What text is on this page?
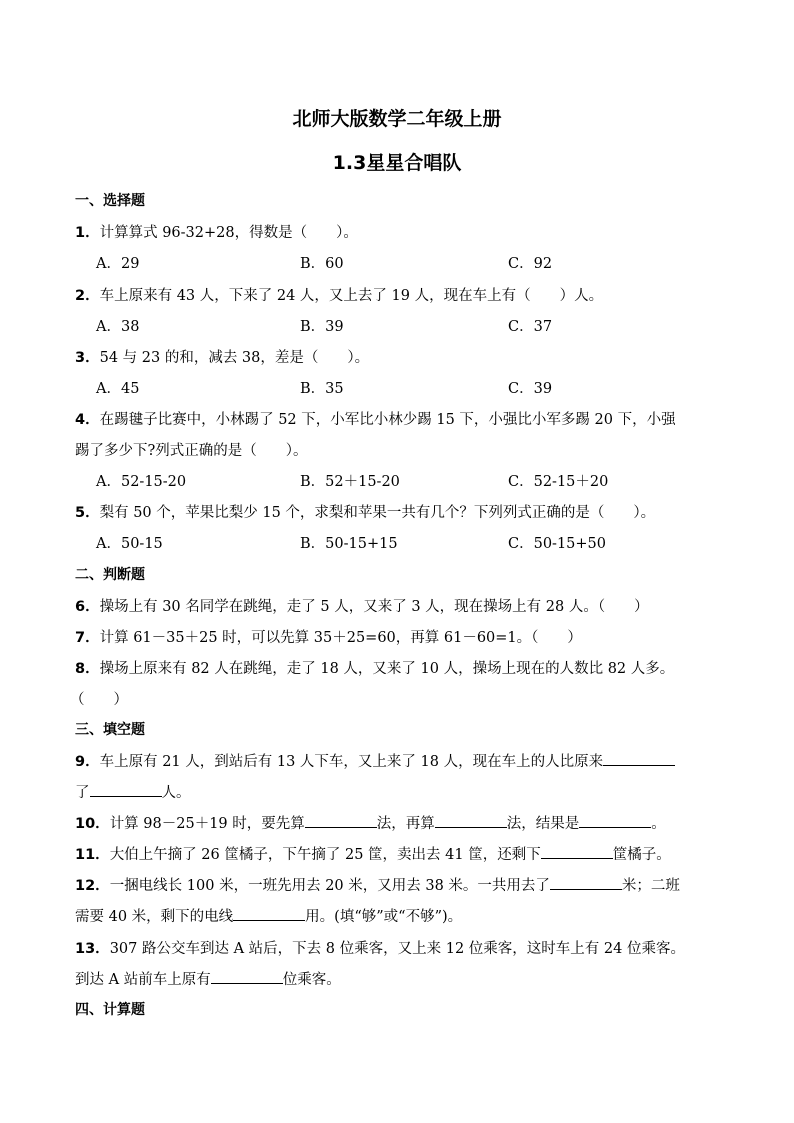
北师大版数学二年级上册
1.3星星合唱队
一、选择题
1．计算算式 96-32+28，得数是（　　）。
A．29	B．60	C．92
2．车上原来有 43 人，下来了 24 人，又上去了 19 人，现在车上有（　　）人。
A．38	B．39	C．37
3．54 与 23 的和，减去 38，差是（　　）。
A．45	B．35	C．39
4．在踢毽子比赛中，小林踢了 52 下，小军比小林少踢 15 下，小强比小军多踢 20 下，小强
踢了多少下?列式正确的是（　　）。
A．52-15-20	B．52＋15-20	C．52-15＋20
5．梨有 50 个，苹果比梨少 15 个，求梨和苹果一共有几个？下列列式正确的是（　　）。
A．50-15	B．50-15+15	C．50-15+50
二、判断题
6．操场上有 30 名同学在跳绳，走了 5 人，又来了 3 人，现在操场上有 28 人。（　　）
7．计算 61－35＋25 时，可以先算 35＋25=60，再算 61－60=1。（　　）
8．操场上原来有 82 人在跳绳，走了 18 人，又来了 10 人，操场上现在的人数比 82 人多。
（　　）
三、填空题
9．车上原有 21 人，到站后有 13 人下车，又上来了 18 人，现在车上的人比原来
了	人。
10．计算 98－25＋19 时，要先算	法，再算	法，结果是	。
11．大伯上午摘了 26 筐橘子，下午摘了 25 筐，卖出去 41 筐，还剩下	筐橘子。
12．一捆电线长 100 米，一班先用去 20 米，又用去 38 米。一共用去了	米；二班
需要 40 米，剩下的电线	用。(填“够”或“不够”)。
13．307 路公交车到达 A 站后，下去 8 位乘客，又上来 12 位乘客，这时车上有 24 位乘客。
到达 A 站前车上原有	位乘客。
四、计算题
